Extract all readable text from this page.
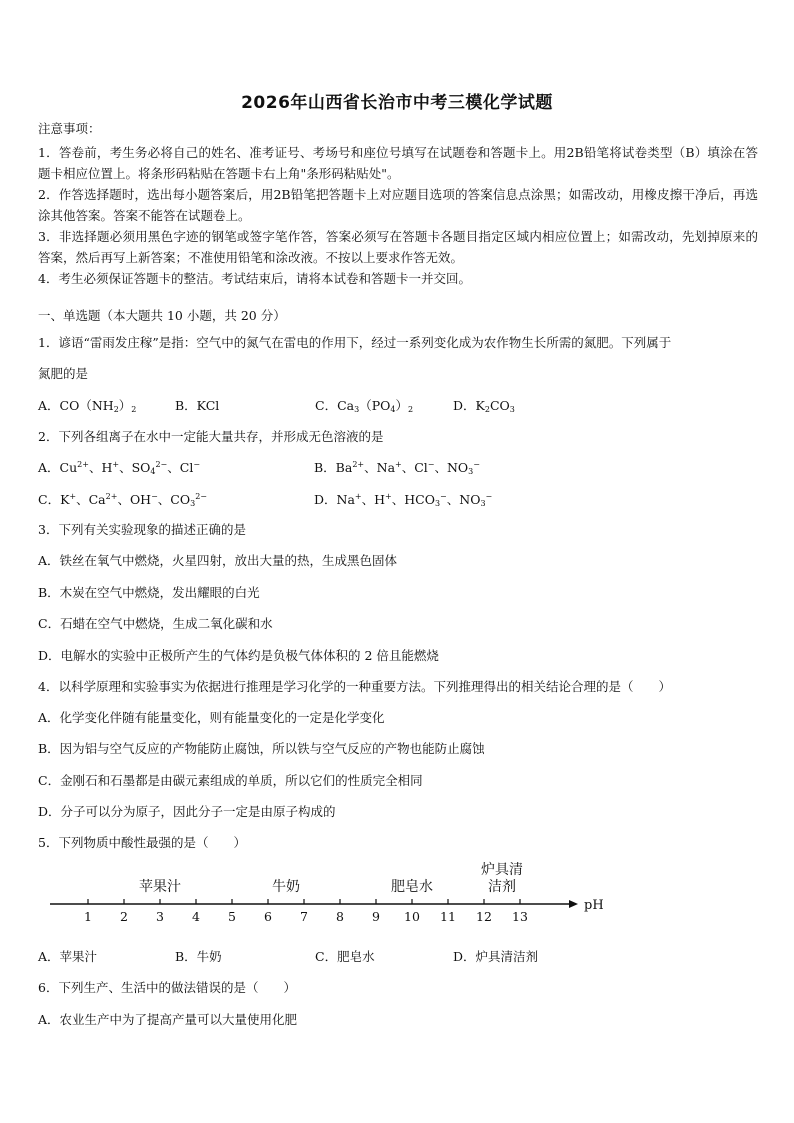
2026年山西省长治市中考三模化学试题
注意事项：
1．答卷前，考生务必将自己的姓名、准考证号、考场号和座位号填写在试题卷和答题卡上。用2B铅笔将试卷类型（B）填涂在答题卡相应位置上。将条形码粘贴在答题卡右上角"条形码粘贴处"。
2．作答选择题时，选出每小题答案后，用2B铅笔把答题卡上对应题目选项的答案信息点涂黑；如需改动，用橡皮擦干净后，再选涂其他答案。答案不能答在试题卷上。
3．非选择题必须用黑色字迹的钢笔或签字笔作答，答案必须写在答题卡各题目指定区域内相应位置上；如需改动，先划掉原来的答案，然后再写上新答案；不准使用铅笔和涂改液。不按以上要求作答无效。
4．考生必须保证答题卡的整洁。考试结束后，请将本试卷和答题卡一并交回。
一、单选题（本大题共 10 小题，共 20 分）
1．谚语“雷雨发庄稼”是指：空气中的氮气在雷电的作用下，经过一系列变化成为农作物生长所需的氮肥。下列属于
氮肥的是
A．$CO(NH_2)_2$	B．KCl	C．$Ca_3(PO_4)_2$	D．$K_2CO_3$
2．下列各组离子在水中一定能大量共存，并形成无色溶液的是
A．$Cu^{2+}$、H+、$SO_4^{2-}$、Cl−	B．$Ba^{2+}$、Na+、Cl−、$NO_3^-$
C．K+、$Ca^{2+}$、OH−、$CO_3^{2-}$	D．Na+、H+、$HCO_3^-$、$NO_3^-$
3．下列有关实验现象的描述正确的是
A．铁丝在氧气中燃烧，火星四射，放出大量的热，生成黑色固体
B．木炭在空气中燃烧，发出耀眼的白光
C．石蜡在空气中燃烧，生成二氧化碳和水
D．电解水的实验中正极所产生的气体约是负极气体体积的 2 倍且能燃烧
4．以科学原理和实验事实为依据进行推理是学习化学的一种重要方法。下列推理得出的相关结论合理的是（　　）
A．化学变化伴随有能量变化，则有能量变化的一定是化学变化
B．因为铝与空气反应的产物能防止腐蚀，所以铁与空气反应的产物也能防止腐蚀
C．金刚石和石墨都是由碳元素组成的单质，所以它们的性质完全相同
D．分子可以分为原子，因此分子一定是由原子构成的
5．下列物质中酸性最强的是（　　）
1 2 3 4 5 6 7 8 9 10 11 12 13
pH
苹果汁	牛奶	肥皂水
炉具清
洁剂
A．苹果汁	B．牛奶	C．肥皂水	D．炉具清洁剂
6．下列生产、生活中的做法错误的是（　　）
A．农业生产中为了提高产量可以大量使用化肥
